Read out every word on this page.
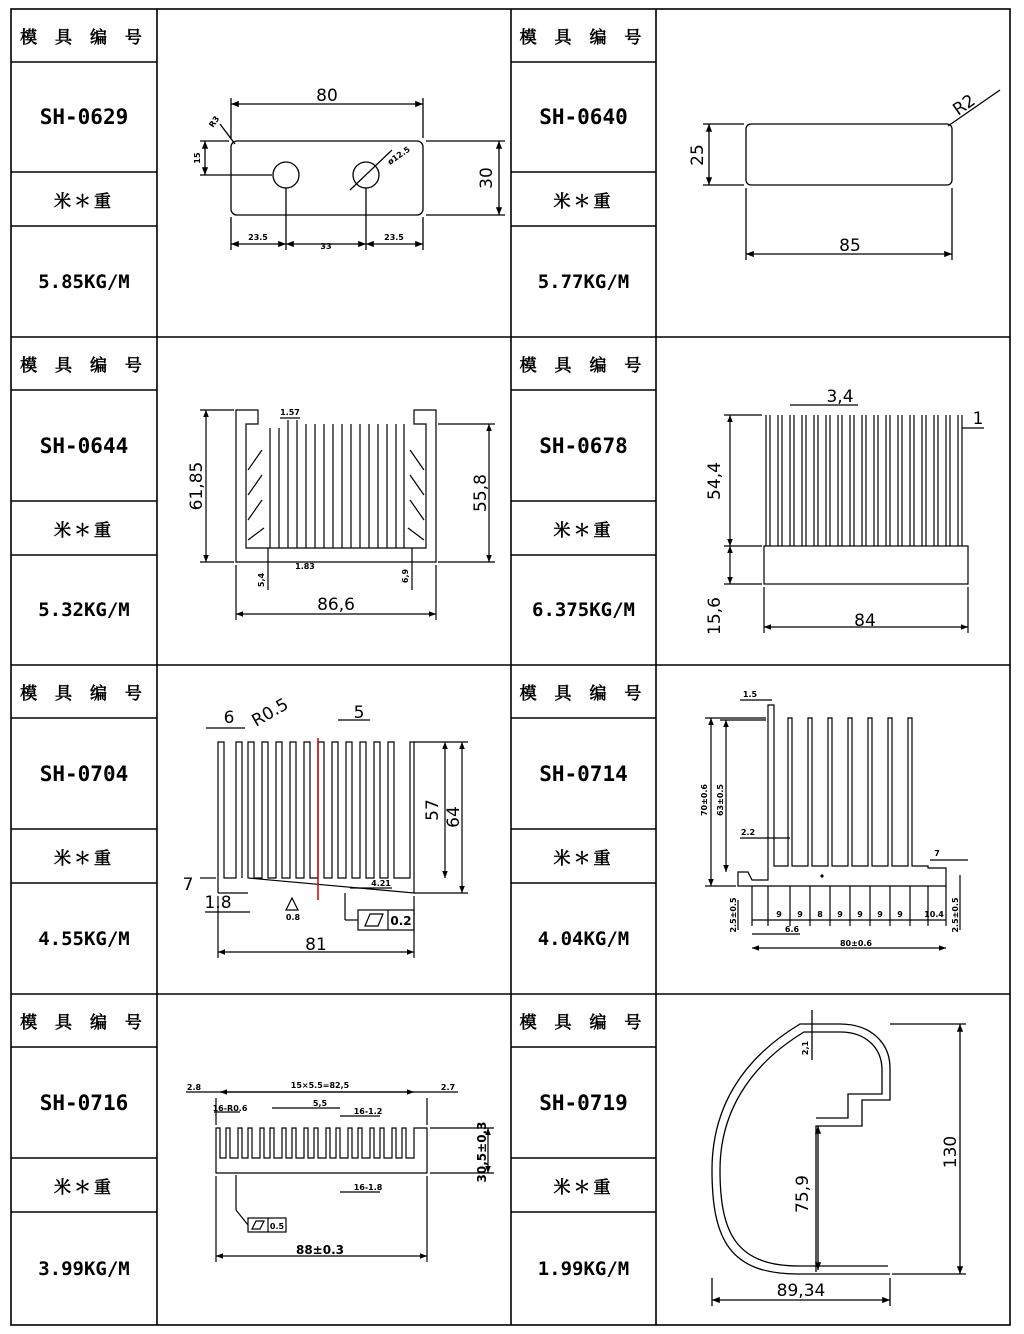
模 具 编 号
SH-0629
米＊重
5.85KG/M
模 具 编 号
SH-0640
米＊重
5.77KG/M
模 具 编 号
SH-0644
米＊重
5.32KG/M
模 具 编 号
SH-0678
米＊重
6.375KG/M
模 具 编 号
SH-0704
米＊重
4.55KG/M
模 具 编 号
SH-0714
米＊重
4.04KG/M
模 具 编 号
SH-0716
米＊重
3.99KG/M
模 具 编 号
SH-0719
米＊重
1.99KG/M
80
30
R3
15	ø12.5
23.5
33
23.5
25
85
R2
61,85	55,8
86,6
1.57
1.83
5,4	6,9
54,4
15,6	84
3,4
1
81
64
57
7
6 R0.5	5
1.8
4.21
0.8	0.2
1.5
70±0.6 63±0.5
2.2
7
9 9 8 9 9 9 9	10.4
6.6
2.5±0.5	2.5±0.5
80±0.6
2.8	15×5.5=82,5	2.7
16-R0.6
5,5
16-1.2
16-1.8
30,5±0.3
88±0.3
0.5
2,1
130
75,9
89,34
